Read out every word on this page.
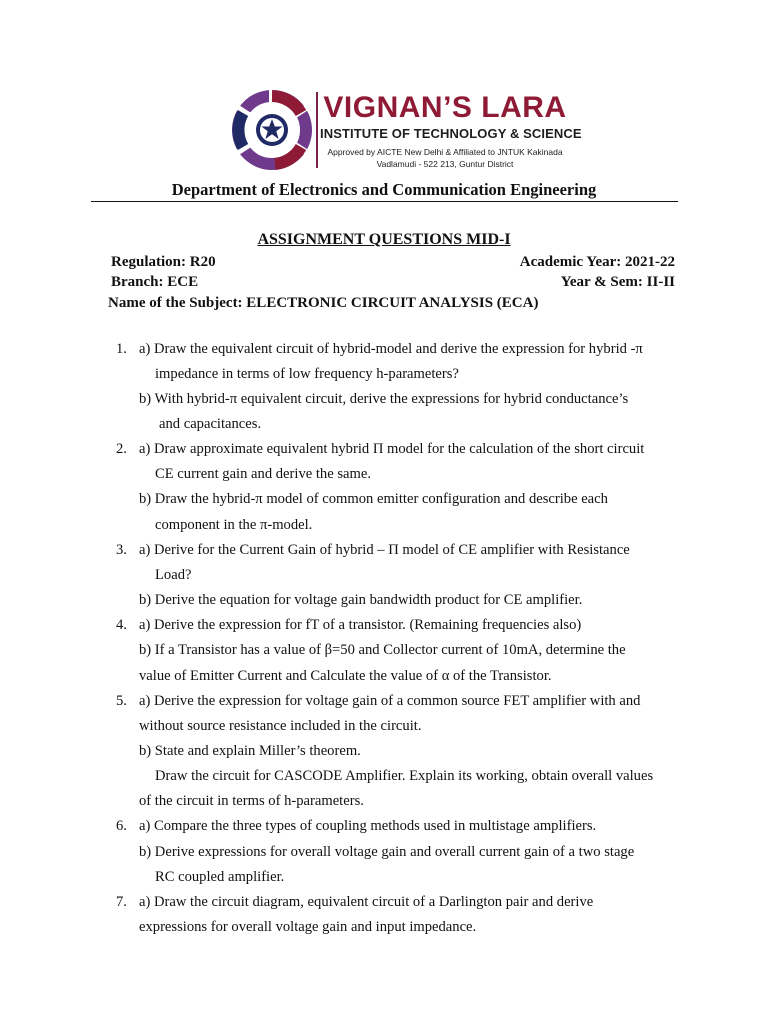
VIGNAN’S LARA
INSTITUTE OF TECHNOLOGY & SCIENCE
Approved by AICTE New Delhi & Affiliated to JNTUK Kakinada
Vadlamudi - 522 213, Guntur District
Department of Electronics and Communication Engineering
ASSIGNMENT QUESTIONS MID-I
Regulation: R20	Academic Year: 2021-22
Branch: ECE	Year & Sem: II-II
Name of the Subject: ELECTRONIC CIRCUIT ANALYSIS (ECA)
1. a) Draw the equivalent circuit of hybrid-model and derive the expression for hybrid -π
impedance in terms of low frequency h-parameters?
b) With hybrid-π equivalent circuit, derive the expressions for hybrid conductance’s
and capacitances.
2. a) Draw approximate equivalent hybrid Π model for the calculation of the short circuit
CE current gain and derive the same.
b) Draw the hybrid-π model of common emitter configuration and describe each
component in the π-model.
3. a) Derive for the Current Gain of hybrid – Π model of CE amplifier with Resistance
Load?
b) Derive the equation for voltage gain bandwidth product for CE amplifier.
4. a) Derive the expression for fT of a transistor. (Remaining frequencies also)
b) If a Transistor has a value of β=50 and Collector current of 10mA, determine the
value of Emitter Current and Calculate the value of α of the Transistor.
5. a) Derive the expression for voltage gain of a common source FET amplifier with and
without source resistance included in the circuit.
b) State and explain Miller’s theorem.
Draw the circuit for CASCODE Amplifier. Explain its working, obtain overall values
of the circuit in terms of h-parameters.
6. a) Compare the three types of coupling methods used in multistage amplifiers.
b) Derive expressions for overall voltage gain and overall current gain of a two stage
RC coupled amplifier.
7. a) Draw the circuit diagram, equivalent circuit of a Darlington pair and derive
expressions for overall voltage gain and input impedance.
